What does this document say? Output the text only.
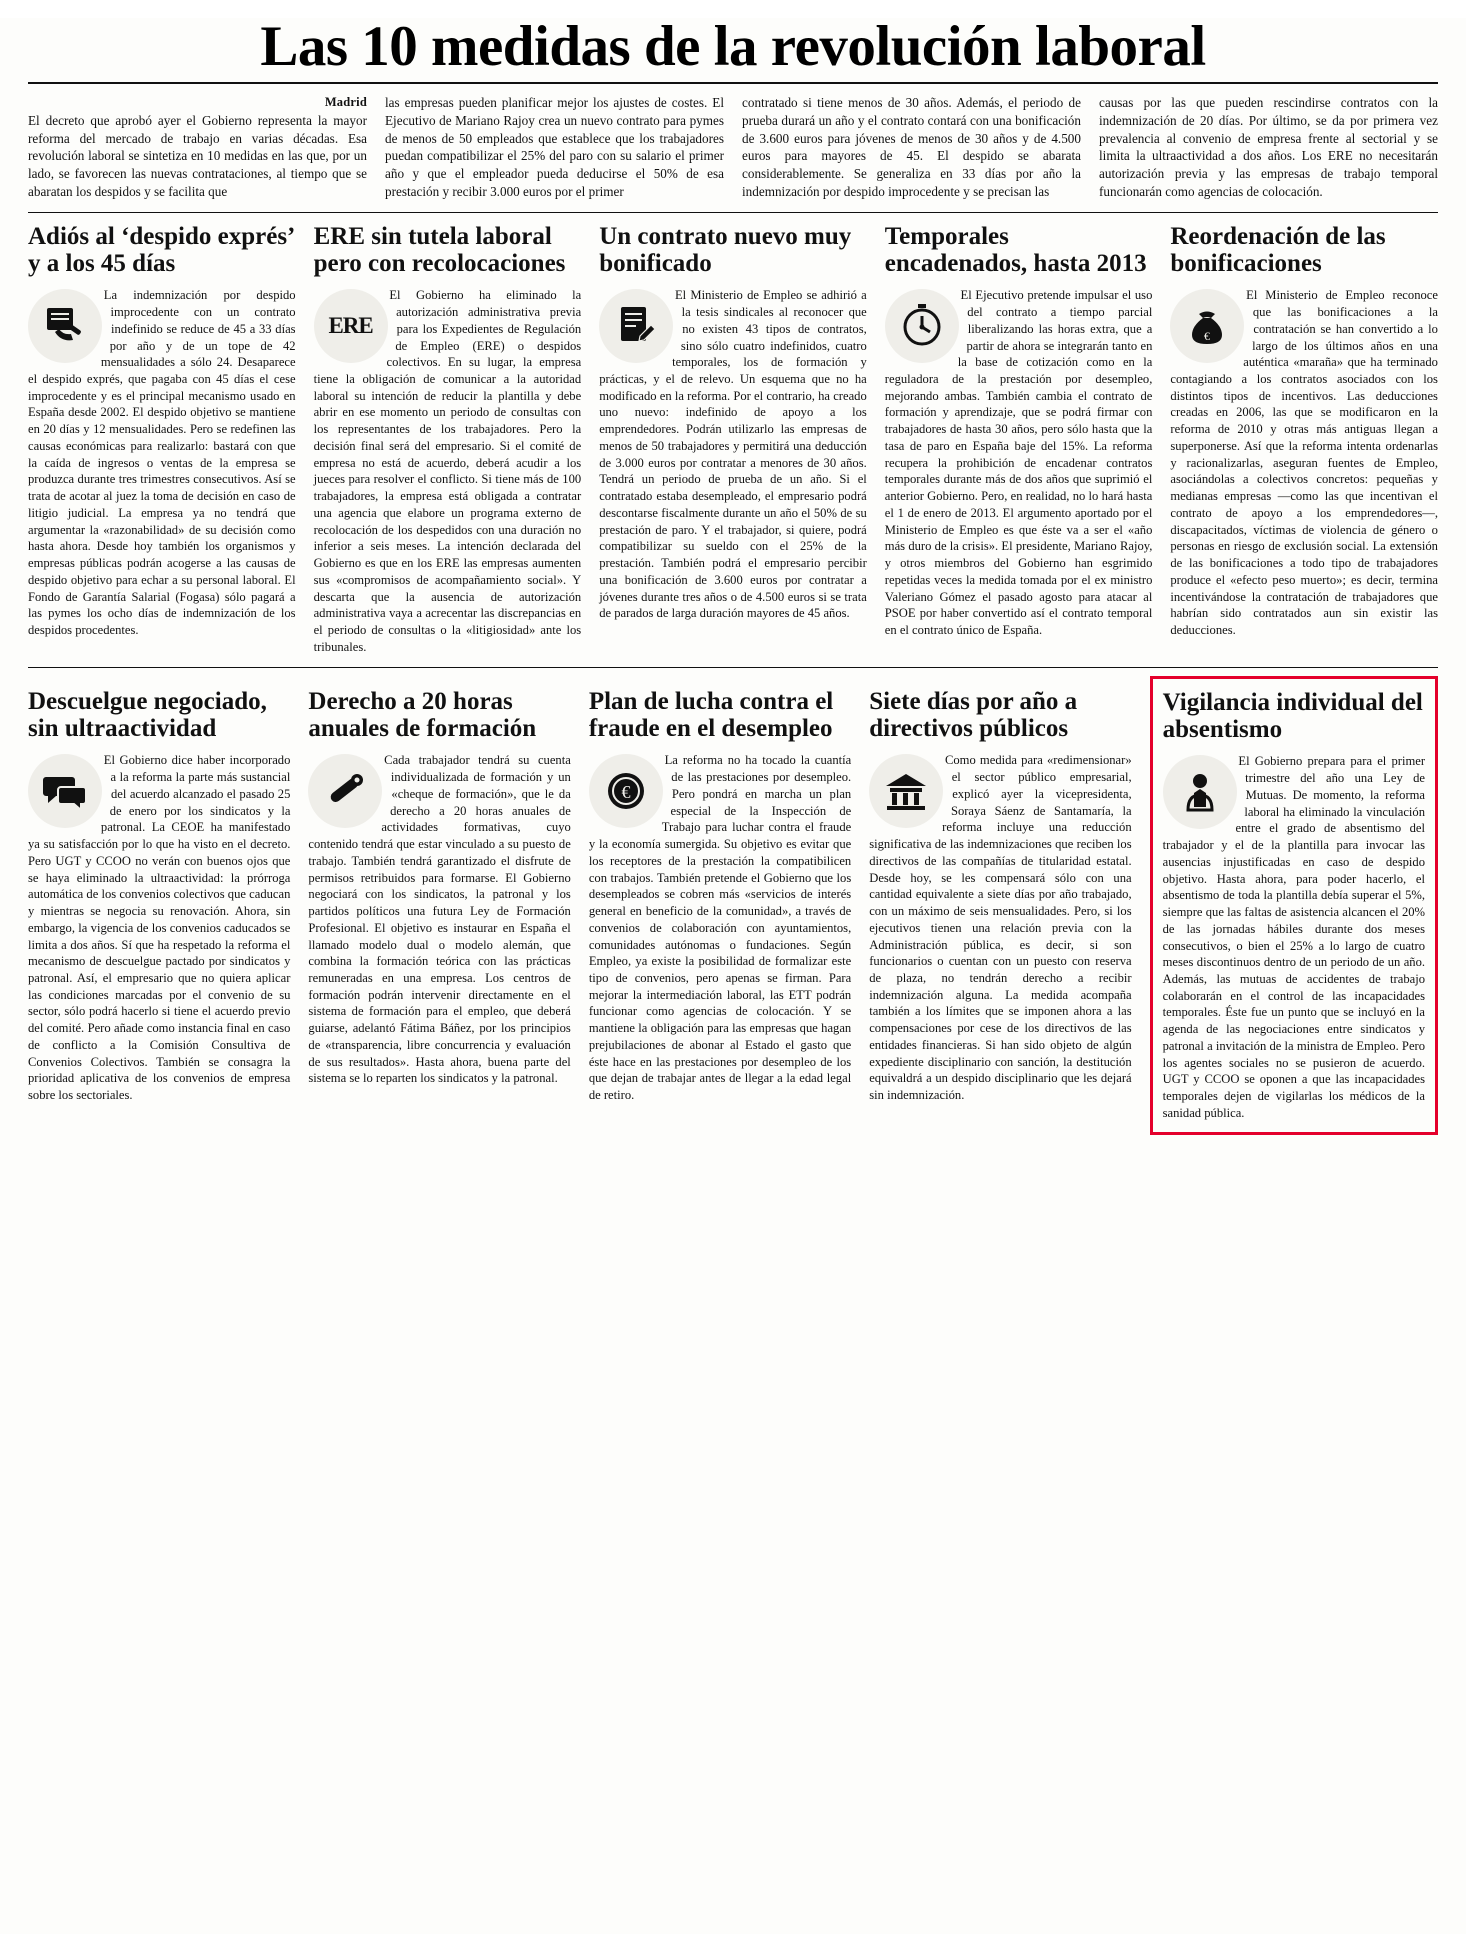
Las 10 medidas de la revolución laboral
Madrid
El decreto que aprobó ayer el Gobierno representa la mayor reforma del mercado de trabajo en varias décadas. Esa revolución laboral se sintetiza en 10 medidas en las que, por un lado, se favorecen las nuevas contrataciones, al tiempo que se abaratan los despidos y se facilita que
las empresas pueden planificar mejor los ajustes de costes. El Ejecutivo de Mariano Rajoy crea un nuevo contrato para pymes de menos de 50 empleados que establece que los trabajadores puedan compatibilizar el 25% del paro con su salario el primer año y que el empleador pueda deducirse el 50% de esa prestación y recibir 3.000 euros por el primer
contratado si tiene menos de 30 años. Además, el periodo de prueba durará un año y el contrato contará con una bonificación de 3.600 euros para jóvenes de menos de 30 años y de 4.500 euros para mayores de 45. El despido se abarata considerablemente. Se generaliza en 33 días por año la indemnización por despido improcedente y se precisan las
causas por las que pueden rescindirse contratos con la indemnización de 20 días. Por último, se da por primera vez prevalencia al convenio de empresa frente al sectorial y se limita la ultraactividad a dos años. Los ERE no necesitarán autorización previa y las empresas de trabajo temporal funcionarán como agencias de colocación.
Adiós al ‘despido exprés’ y a los 45 días
La indemnización por despido improcedente con un contrato indefinido se reduce de 45 a 33 días por año y de un tope de 42 mensualidades a sólo 24. Desaparece el despido exprés, que pagaba con 45 días el cese improcedente y es el principal mecanismo usado en España desde 2002. El despido objetivo se mantiene en 20 días y 12 mensualidades. Pero se redefinen las causas económicas para realizarlo: bastará con que la caída de ingresos o ventas de la empresa se produzca durante tres trimestres consecutivos. Así se trata de acotar al juez la toma de decisión en caso de litigio judicial. La empresa ya no tendrá que argumentar la «razonabilidad» de su decisión como hasta ahora. Desde hoy también los organismos y empresas públicas podrán acogerse a las causas de despido objetivo para echar a su personal laboral. El Fondo de Garantía Salarial (Fogasa) sólo pagará a las pymes los ocho días de indemnización de los despidos procedentes.
ERE sin tutela laboral pero con recolocaciones
ERE
El Gobierno ha eliminado la autorización administrativa previa para los Expedientes de Regulación de Empleo (ERE) o despidos colectivos. En su lugar, la empresa tiene la obligación de comunicar a la autoridad laboral su intención de reducir la plantilla y debe abrir en ese momento un periodo de consultas con los representantes de los trabajadores. Pero la decisión final será del empresario. Si el comité de empresa no está de acuerdo, deberá acudir a los jueces para resolver el conflicto. Si tiene más de 100 trabajadores, la empresa está obligada a contratar una agencia que elabore un programa externo de recolocación de los despedidos con una duración no inferior a seis meses. La intención declarada del Gobierno es que en los ERE las empresas aumenten sus «compromisos de acompañamiento social». Y descarta que la ausencia de autorización administrativa vaya a acrecentar las discrepancias en el periodo de consultas o la «litigiosidad» ante los tribunales.
Un contrato nuevo muy bonificado
El Ministerio de Empleo se adhirió a la tesis sindicales al reconocer que no existen 43 tipos de contratos, sino sólo cuatro indefinidos, cuatro temporales, los de formación y prácticas, y el de relevo. Un esquema que no ha modificado en la reforma. Por el contrario, ha creado uno nuevo: indefinido de apoyo a los emprendedores. Podrán utilizarlo las empresas de menos de 50 trabajadores y permitirá una deducción de 3.000 euros por contratar a menores de 30 años. Tendrá un periodo de prueba de un año. Si el contratado estaba desempleado, el empresario podrá descontarse fiscalmente durante un año el 50% de su prestación de paro. Y el trabajador, si quiere, podrá compatibilizar su sueldo con el 25% de la prestación. También podrá el empresario percibir una bonificación de 3.600 euros por contratar a jóvenes durante tres años o de 4.500 euros si se trata de parados de larga duración mayores de 45 años.
Temporales encadenados, hasta 2013
El Ejecutivo pretende impulsar el uso del contrato a tiempo parcial liberalizando las horas extra, que a partir de ahora se integrarán tanto en la base de cotización como en la reguladora de la prestación por desempleo, mejorando ambas. También cambia el contrato de formación y aprendizaje, que se podrá firmar con trabajadores de hasta 30 años, pero sólo hasta que la tasa de paro en España baje del 15%. La reforma recupera la prohibición de encadenar contratos temporales durante más de dos años que suprimió el anterior Gobierno. Pero, en realidad, no lo hará hasta el 1 de enero de 2013. El argumento aportado por el Ministerio de Empleo es que éste va a ser el «año más duro de la crisis». El presidente, Mariano Rajoy, y otros miembros del Gobierno han esgrimido repetidas veces la medida tomada por el ex ministro Valeriano Gómez el pasado agosto para atacar al PSOE por haber convertido así el contrato temporal en el contrato único de España.
Reordenación de las bonificaciones
€
El Ministerio de Empleo reconoce que las bonificaciones a la contratación se han convertido a lo largo de los últimos años en una auténtica «maraña» que ha terminado contagiando a los contratos asociados con los distintos tipos de incentivos. Las deducciones creadas en 2006, las que se modificaron en la reforma de 2010 y otras más antiguas llegan a superponerse. Así que la reforma intenta ordenarlas y racionalizarlas, aseguran fuentes de Empleo, asociándolas a colectivos concretos: pequeñas y medianas empresas —como las que incentivan el contrato de apoyo a los emprendedores—, discapacitados, víctimas de violencia de género o personas en riesgo de exclusión social. La extensión de las bonificaciones a todo tipo de trabajadores produce el «efecto peso muerto»; es decir, termina incentivándose la contratación de trabajadores que habrían sido contratados aun sin existir las deducciones.
Descuelgue negociado, sin ultraactividad
El Gobierno dice haber incorporado a la reforma la parte más sustancial del acuerdo alcanzado el pasado 25 de enero por los sindicatos y la patronal. La CEOE ha manifestado ya su satisfacción por lo que ha visto en el decreto. Pero UGT y CCOO no verán con buenos ojos que se haya eliminado la ultraactividad: la prórroga automática de los convenios colectivos que caducan y mientras se negocia su renovación. Ahora, sin embargo, la vigencia de los convenios caducados se limita a dos años. Sí que ha respetado la reforma el mecanismo de descuelgue pactado por sindicatos y patronal. Así, el empresario que no quiera aplicar las condiciones marcadas por el convenio de su sector, sólo podrá hacerlo si tiene el acuerdo previo del comité. Pero añade como instancia final en caso de conflicto a la Comisión Consultiva de Convenios Colectivos. También se consagra la prioridad aplicativa de los convenios de empresa sobre los sectoriales.
Derecho a 20 horas anuales de formación
Cada trabajador tendrá su cuenta individualizada de formación y un «cheque de formación», que le da derecho a 20 horas anuales de actividades formativas, cuyo contenido tendrá que estar vinculado a su puesto de trabajo. También tendrá garantizado el disfrute de permisos retribuidos para formarse. El Gobierno negociará con los sindicatos, la patronal y los partidos políticos una futura Ley de Formación Profesional. El objetivo es instaurar en España el llamado modelo dual o modelo alemán, que combina la formación teórica con las prácticas remuneradas en una empresa. Los centros de formación podrán intervenir directamente en el sistema de formación para el empleo, que deberá guiarse, adelantó Fátima Báñez, por los principios de «transparencia, libre concurrencia y evaluación de sus resultados». Hasta ahora, buena parte del sistema se lo reparten los sindicatos y la patronal.
Plan de lucha contra el fraude en el desempleo
€
La reforma no ha tocado la cuantía de las prestaciones por desempleo. Pero pondrá en marcha un plan especial de la Inspección de Trabajo para luchar contra el fraude y la economía sumergida. Su objetivo es evitar que los receptores de la prestación la compatibilicen con trabajos. También pretende el Gobierno que los desempleados se cobren más «servicios de interés general en beneficio de la comunidad», a través de convenios de colaboración con ayuntamientos, comunidades autónomas o fundaciones. Según Empleo, ya existe la posibilidad de formalizar este tipo de convenios, pero apenas se firman. Para mejorar la intermediación laboral, las ETT podrán funcionar como agencias de colocación. Y se mantiene la obligación para las empresas que hagan prejubilaciones de abonar al Estado el gasto que éste hace en las prestaciones por desempleo de los que dejan de trabajar antes de llegar a la edad legal de retiro.
Siete días por año a directivos públicos
Como medida para «redimensionar» el sector público empresarial, explicó ayer la vicepresidenta, Soraya Sáenz de Santamaría, la reforma incluye una reducción significativa de las indemnizaciones que reciben los directivos de las compañías de titularidad estatal. Desde hoy, se les compensará sólo con una cantidad equivalente a siete días por año trabajado, con un máximo de seis mensualidades. Pero, si los ejecutivos tienen una relación previa con la Administración pública, es decir, si son funcionarios o cuentan con un puesto con reserva de plaza, no tendrán derecho a recibir indemnización alguna. La medida acompaña también a los límites que se imponen ahora a las compensaciones por cese de los directivos de las entidades financieras. Si han sido objeto de algún expediente disciplinario con sanción, la destitución equivaldrá a un despido disciplinario que les dejará sin indemnización.
Vigilancia individual del absentismo
El Gobierno prepara para el primer trimestre del año una Ley de Mutuas. De momento, la reforma laboral ha eliminado la vinculación entre el grado de absentismo del trabajador y el de la plantilla para invocar las ausencias injustificadas en caso de despido objetivo. Hasta ahora, para poder hacerlo, el absentismo de toda la plantilla debía superar el 5%, siempre que las faltas de asistencia alcancen el 20% de las jornadas hábiles durante dos meses consecutivos, o bien el 25% a lo largo de cuatro meses discontinuos dentro de un periodo de un año. Además, las mutuas de accidentes de trabajo colaborarán en el control de las incapacidades temporales. Éste fue un punto que se incluyó en la agenda de las negociaciones entre sindicatos y patronal a invitación de la ministra de Empleo. Pero los agentes sociales no se pusieron de acuerdo. UGT y CCOO se oponen a que las incapacidades temporales dejen de vigilarlas los médicos de la sanidad pública.
